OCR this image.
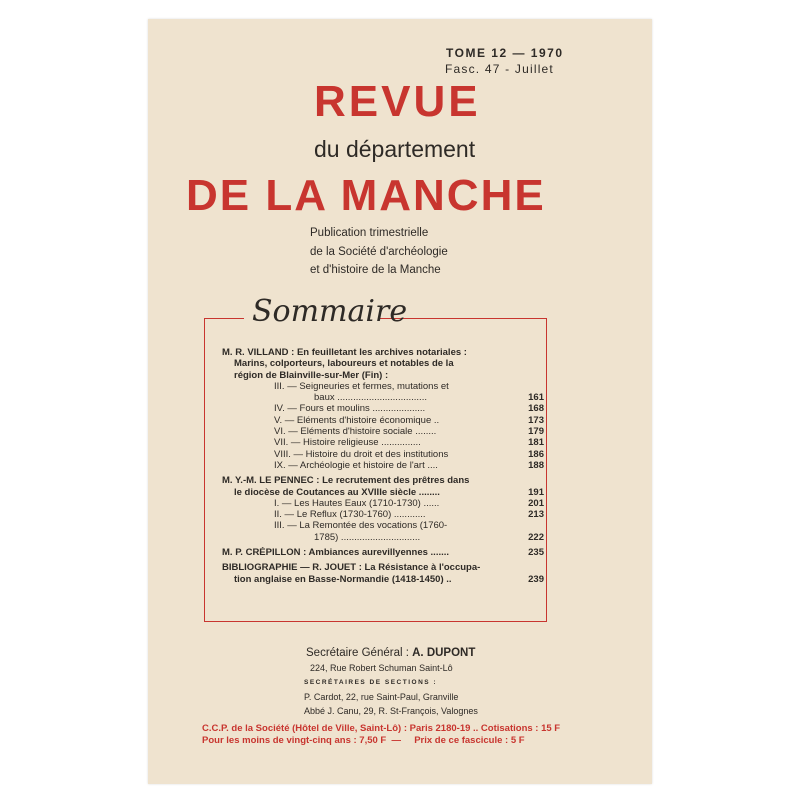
TOME 12 — 1970
Fasc. 47 - Juillet
REVUE
du département
DE LA MANCHE
Publication trimestrielle
de la Société d'archéologie
et d'histoire de la Manche
Sommaire
M. R. VILLAND : En feuilletant les archives notariales :
Marins, colporteurs, laboureurs et notables de la
région de Blainville-sur-Mer (Fin) :
III. — Seigneuries et fermes, mutations et
baux ..................................	161
IV. — Fours et moulins ....................	168
V. — Eléments d'histoire économique ..	173
VI. — Eléments d'histoire sociale ........	179
VII. — Histoire religieuse ...............	181
VIII. — Histoire du droit et des institutions	186
IX. — Archéologie et histoire de l'art ....	188
M. Y.-M. LE PENNEC : Le recrutement des prêtres dans
le diocèse de Coutances au XVIIIe siècle ........	191
I. — Les Hautes Eaux (1710-1730) ......	201
II. — Le Reflux (1730-1760) ............	213
III. — La Remontée des vocations (1760-
1785) ..............................	222
M. P. CRÉPILLON : Ambiances aurevillyennes .......	235
BIBLIOGRAPHIE — R. JOUET : La Résistance à l'occupa-
tion anglaise en Basse-Normandie (1418-1450) ..	239
Secrétaire Général : A. DUPONT
224, Rue Robert Schuman Saint-Lô
SECRÉTAIRES DE SECTIONS :
P. Cardot, 22, rue Saint-Paul, Granville
Abbé J. Canu, 29, R. St-François, Valognes
C.C.P. de la Société (Hôtel de Ville, Saint-Lô) : Paris 2180-19 .. Cotisations : 15 F
Pour les moins de vingt-cinq ans : 7,50 F  —     Prix de ce fascicule : 5 F
